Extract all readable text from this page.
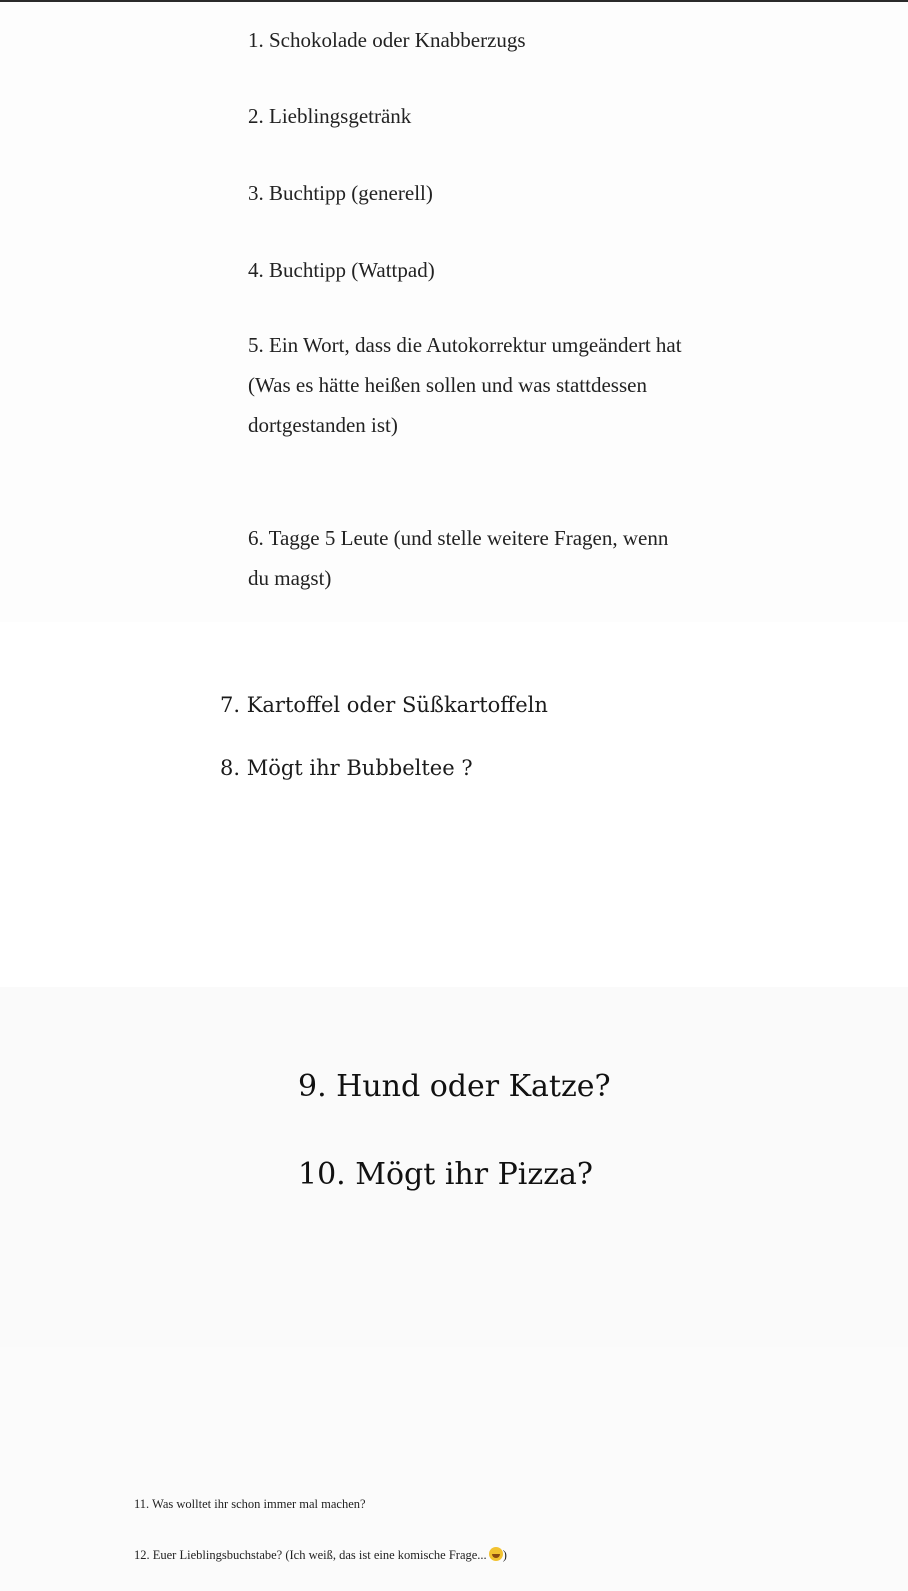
1. Schokolade oder Knabberzugs

2. Lieblingsgetränk

3. Buchtipp (generell)

4. Buchtipp (Wattpad)

5. Ein Wort, dass die Autokorrektur umgeändert hat (Was es hätte heißen sollen und was stattdessen dortgestanden ist)

6. Tagge 5 Leute (und stelle weitere Fragen, wenn du magst)

7. Kartoffel oder Süßkartoffeln

8. Mögt ihr Bubbeltee ?

9. Hund oder Katze?

10. Mögt ihr Pizza?

11. Was wolltet ihr schon immer mal machen?

12. Euer Lieblingsbuchstabe? (Ich weiß, das ist eine komische Frage... )
